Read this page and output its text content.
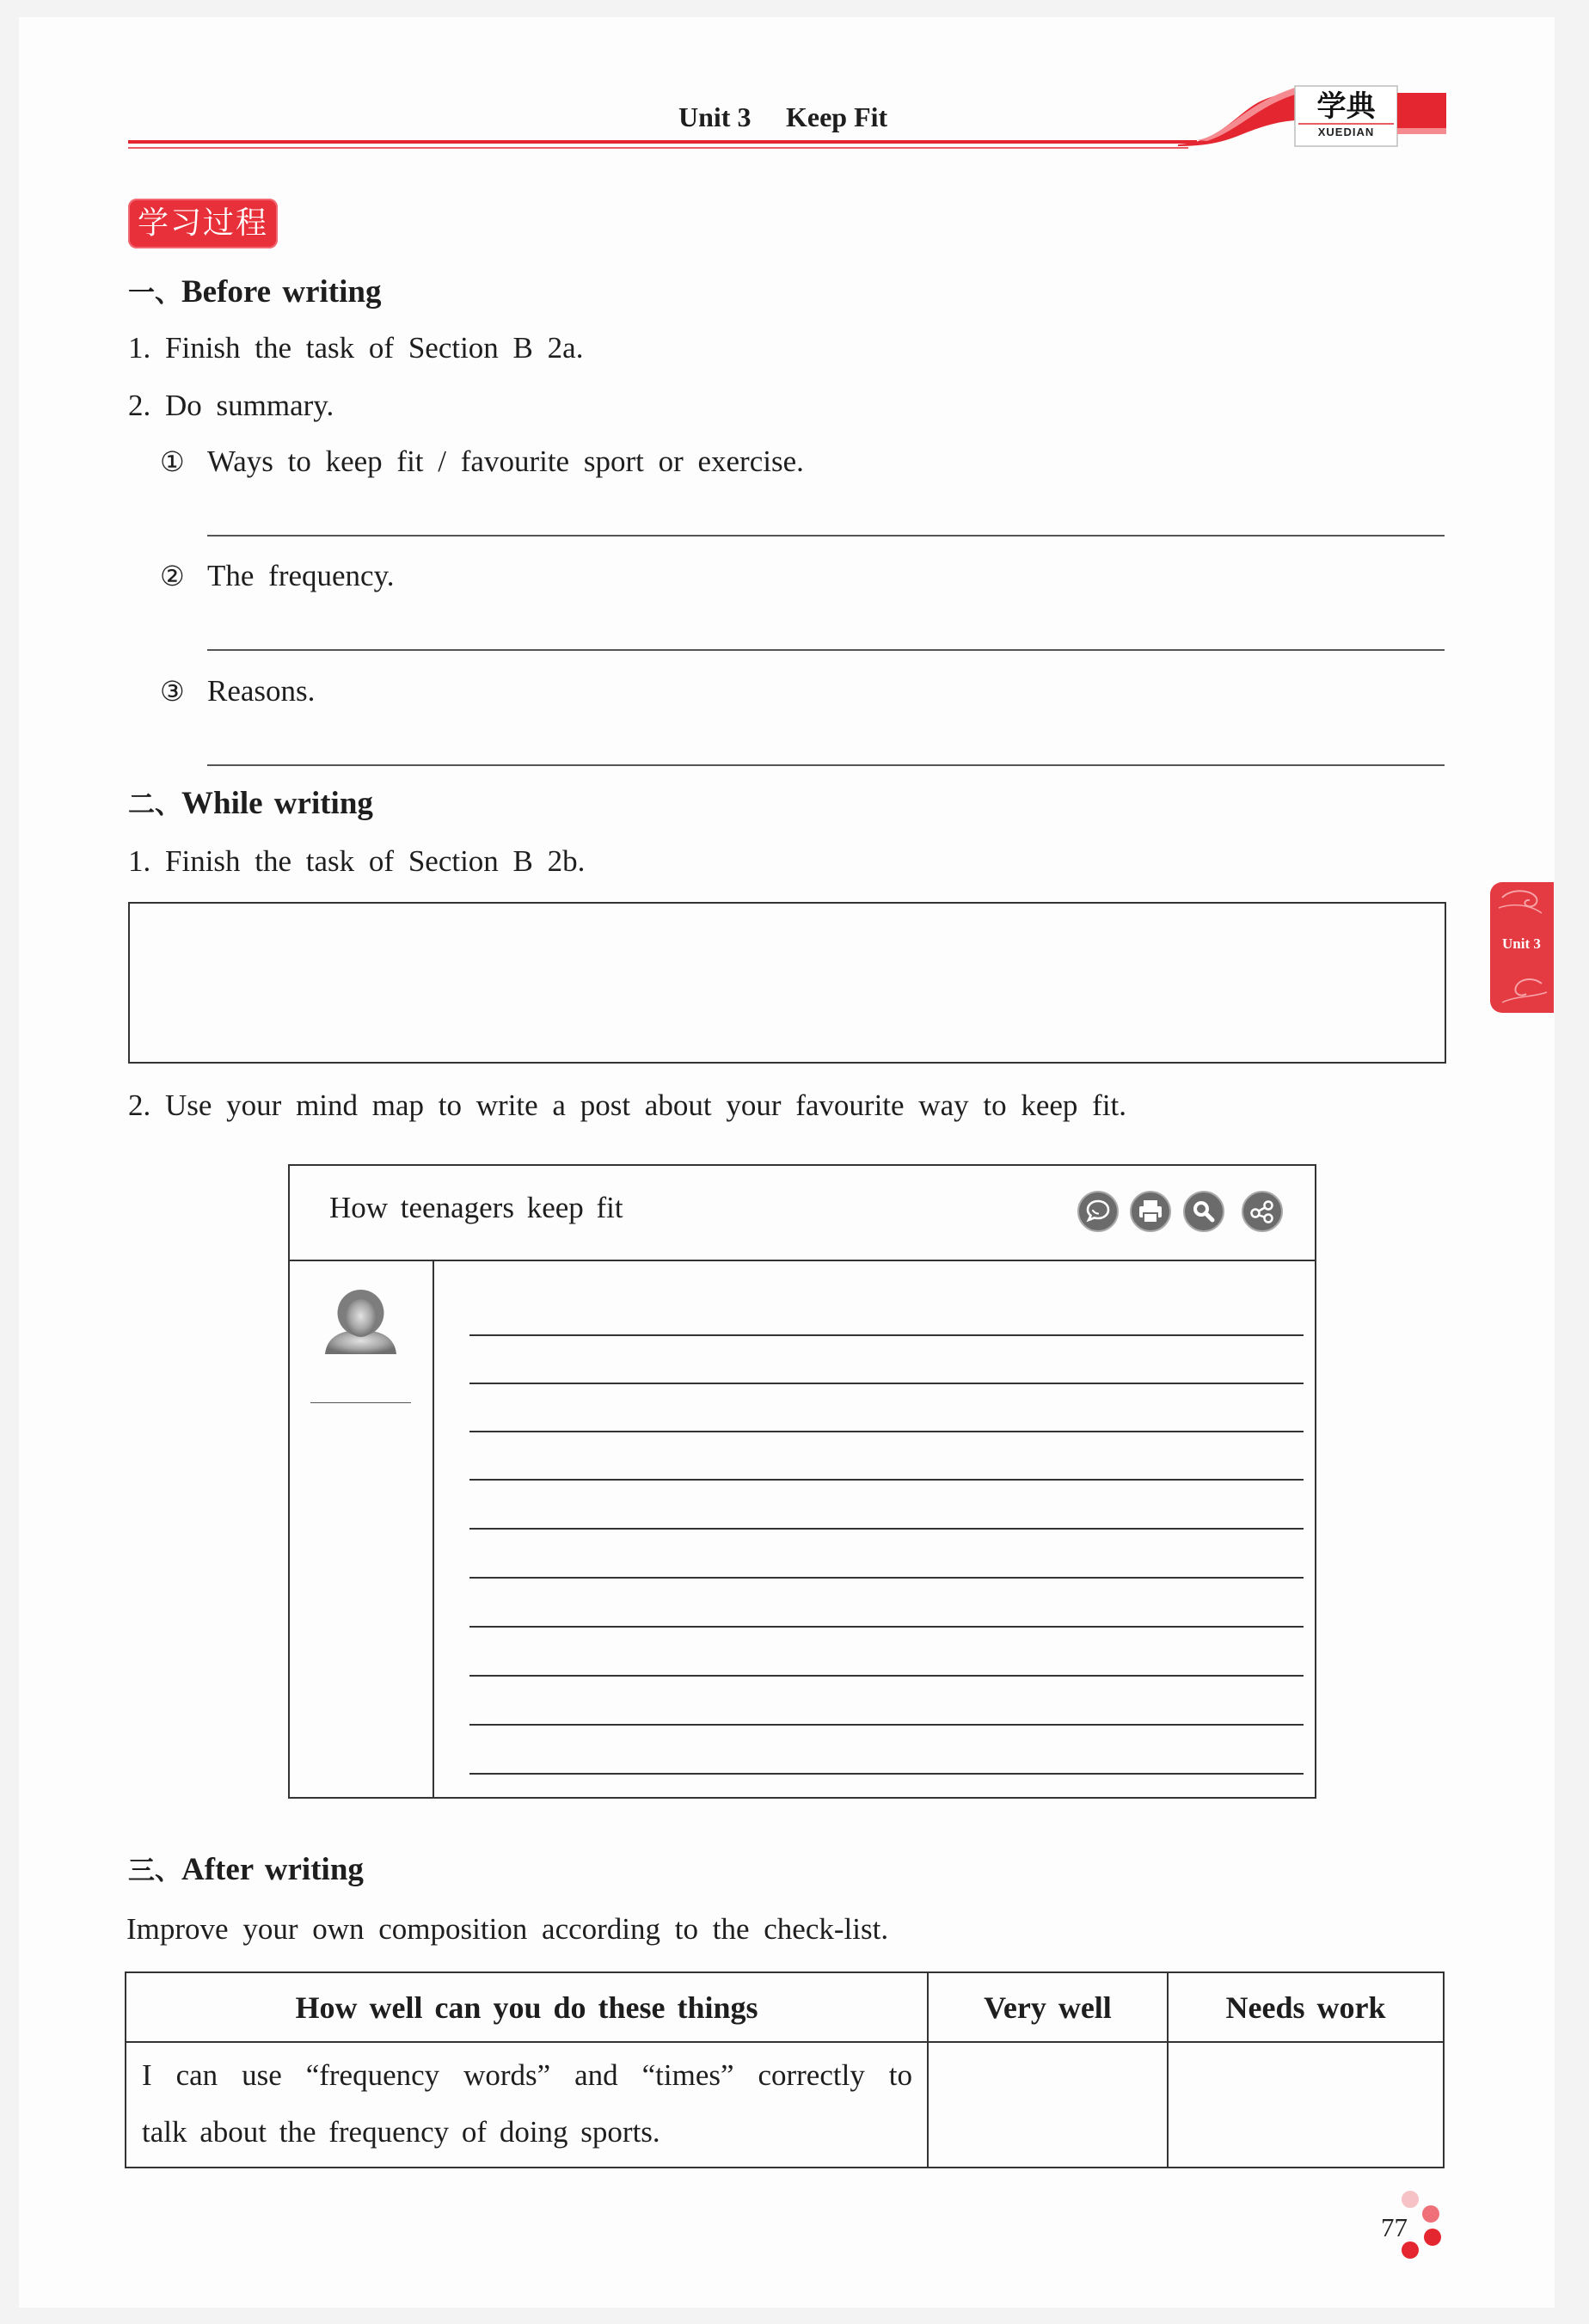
Unit 3 Keep Fit	学典
XUEDIAN
学习过程
一、Before writing
1. Finish the task of Section B 2a.
2. Do summary.
① Ways to keep fit / favourite sport or exercise.
② The frequency.
③ Reasons.
二、While writing
1. Finish the task of Section B 2b.
2. Use your mind map to write a post about your favourite way to keep fit.
How teenagers keep fit
三、After writing
Improve your own composition according to the check-list.
How well can you do these things	Very well	Needs work

I can use “frequency words” and “times” correctly to
talk about the frequency of doing sports.		

Unit 3
77
